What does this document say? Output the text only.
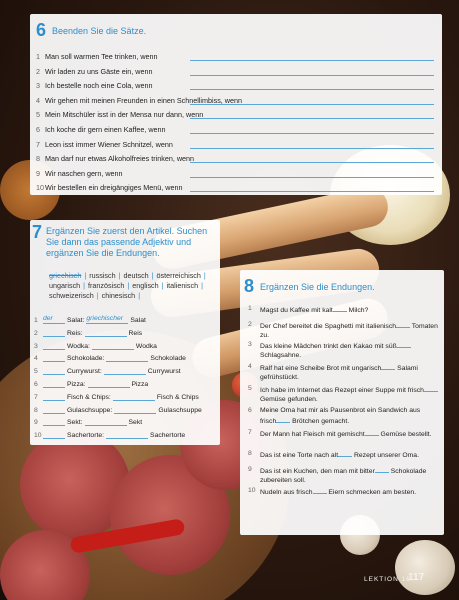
6 Beenden Sie die Sätze.
1 Man soll warmen Tee trinken, wenn
2 Wir laden zu uns Gäste ein, wenn
3 Ich bestelle noch eine Cola, wenn
4 Wir gehen mit meinen Freunden in einen Schnellimbiss, wenn
5 Mein Mitschüler isst in der Mensa nur dann, wenn
6 Ich koche dir gern einen Kaffee, wenn
7 Leon isst immer Wiener Schnitzel, wenn
8 Man darf nur etwas Alkoholfreies trinken, wenn
9 Wir naschen gern, wenn
10Wir bestellen ein dreigängiges Menü, wenn
7 Ergänzen Sie zuerst den Artikel. Suchen Sie dann das passende Adjektiv und ergänzen Sie die Endungen.
griechisch | russisch | deutsch | österreichisch |
ungarisch | französisch | englisch | italienisch |
schweizerisch | chinesisch |
1 der Salat: griechischer Salat
2	Reis:	Reis
3	Wodka:	Wodka
4	Schokolade:	Schokolade
5	Currywurst:	Currywurst
6	Pizza:	Pizza
7	Fisch & Chips:	Fisch & Chips
8	Gulaschsuppe:	Gulaschsuppe
9	Sekt:	Sekt
10	Sachertorte:	Sachertorte
8 Ergänzen Sie die Endungen.
1	Magst du Kaffee mit kalt Milch?
2	Der Chef bereitet die Spaghetti mit italienisch Tomaten zu.
3	Das kleine Mädchen trinkt den Kakao mit süß Schlagsahne.
4	Ralf hat eine Scheibe Brot mit ungarisch Salami gefrühstückt.
5	Ich habe im Internet das Rezept einer Suppe mit frisch Gemüse gefunden.
6	Meine Oma hat mir als Pausenbrot ein Sandwich aus frisch Brötchen gemacht.
7	Der Mann hat Fleisch mit gemischt Gemüse bestellt.
8	Das ist eine Torte nach alt Rezept unserer Oma.
9	Das ist ein Kuchen, den man mit bitter Schokolade zubereiten soll.
10 Nudeln aus frisch Eiern schmecken am besten.
LEKTION 16
117
